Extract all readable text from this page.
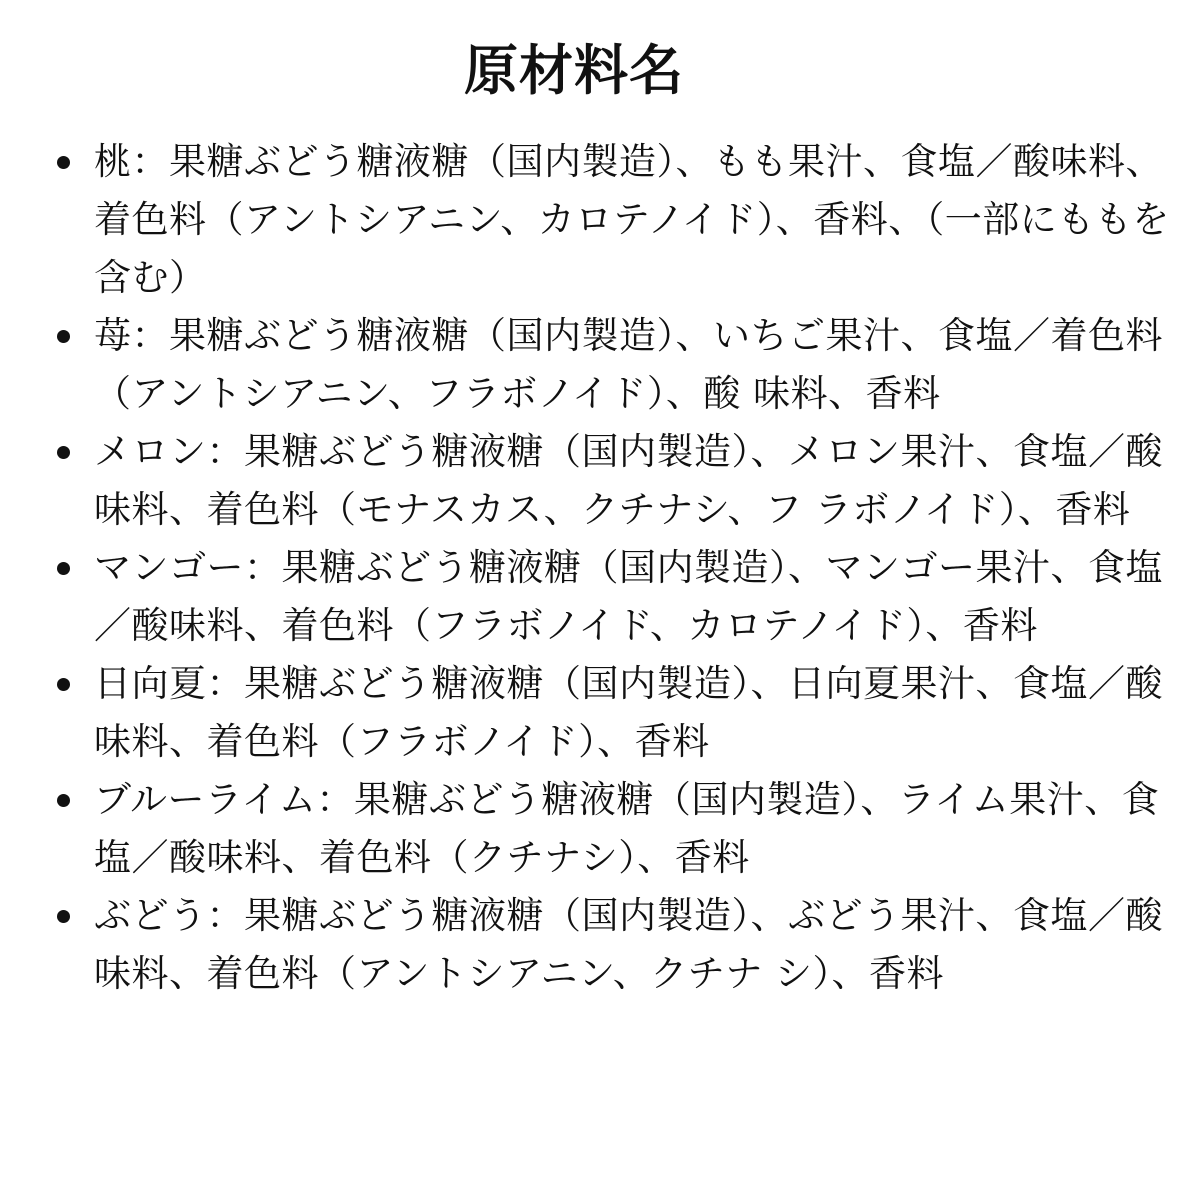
原材料名
桃：果糖ぶどう糖液糖（国内製造）、もも果汁、食塩／酸味料、着色料（アントシアニン、カロテノイド）、香料、（一部にももを含む）
苺：果糖ぶどう糖液糖（国内製造）、いちご果汁、食塩／着色料（アントシアニン、フラボノイド）、酸 味料、香料
メロン：果糖ぶどう糖液糖（国内製造）、メロン果汁、食塩／酸味料、着色料（モナスカス、クチナシ、フ ラボノイド）、香料
マンゴー：果糖ぶどう糖液糖（国内製造）、マンゴー果汁、食塩／酸味料、着色料（フラボノイド、カロテノイド）、香料
日向夏：果糖ぶどう糖液糖（国内製造）、日向夏果汁、食塩／酸味料、着色料（フラボノイド）、香料
ブルーライム：果糖ぶどう糖液糖（国内製造）、ライム果汁、食塩／酸味料、着色料（クチナシ）、香料
ぶどう：果糖ぶどう糖液糖（国内製造）、ぶどう果汁、食塩／酸味料、着色料（アントシアニン、クチナ シ）、香料
